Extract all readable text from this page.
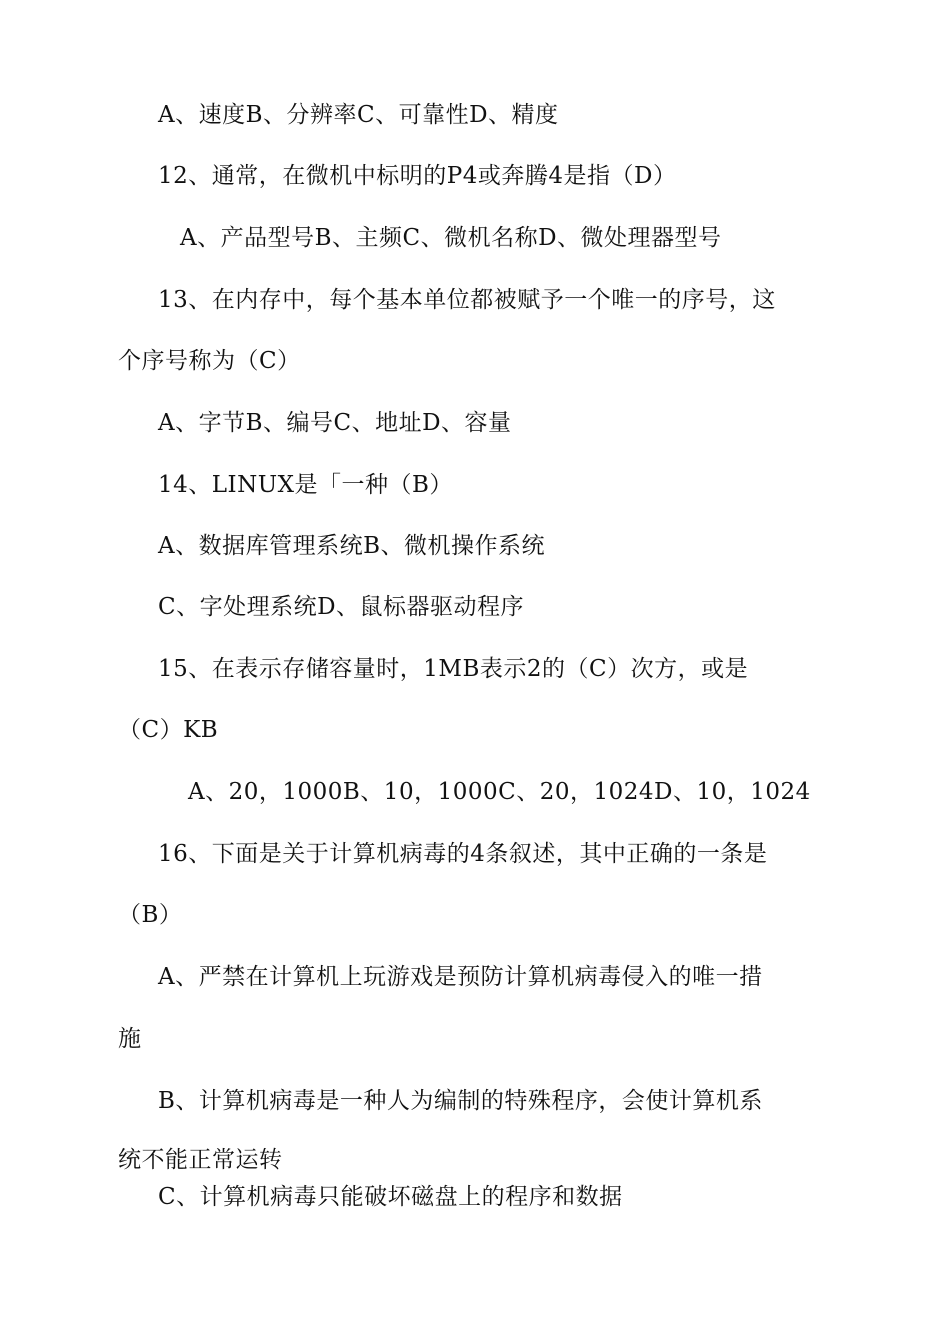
A、速度B、分辨率C、可靠性D、精度
12、通常，在微机中标明的P4或奔腾4是指（D）
A、产品型号B、主频C、微机名称D、微处理器型号
13、在内存中，每个基本单位都被赋予一个唯一的序号，这
个序号称为（C）
A、字节B、编号C、地址D、容量
14、LINUX是「一种（B）
A、数据库管理系统B、微机操作系统
C、字处理系统D、鼠标器驱动程序
15、在表示存储容量时，1MB表示2的（C）次方，或是
（C）KB
A、20，1000B、10，1000C、20，1024D、10，1024
16、下面是关于计算机病毒的4条叙述，其中正确的一条是
（B）
A、严禁在计算机上玩游戏是预防计算机病毒侵入的唯一措
施
B、计算机病毒是一种人为编制的特殊程序，会使计算机系
统不能正常运转
C、计算机病毒只能破坏磁盘上的程序和数据
